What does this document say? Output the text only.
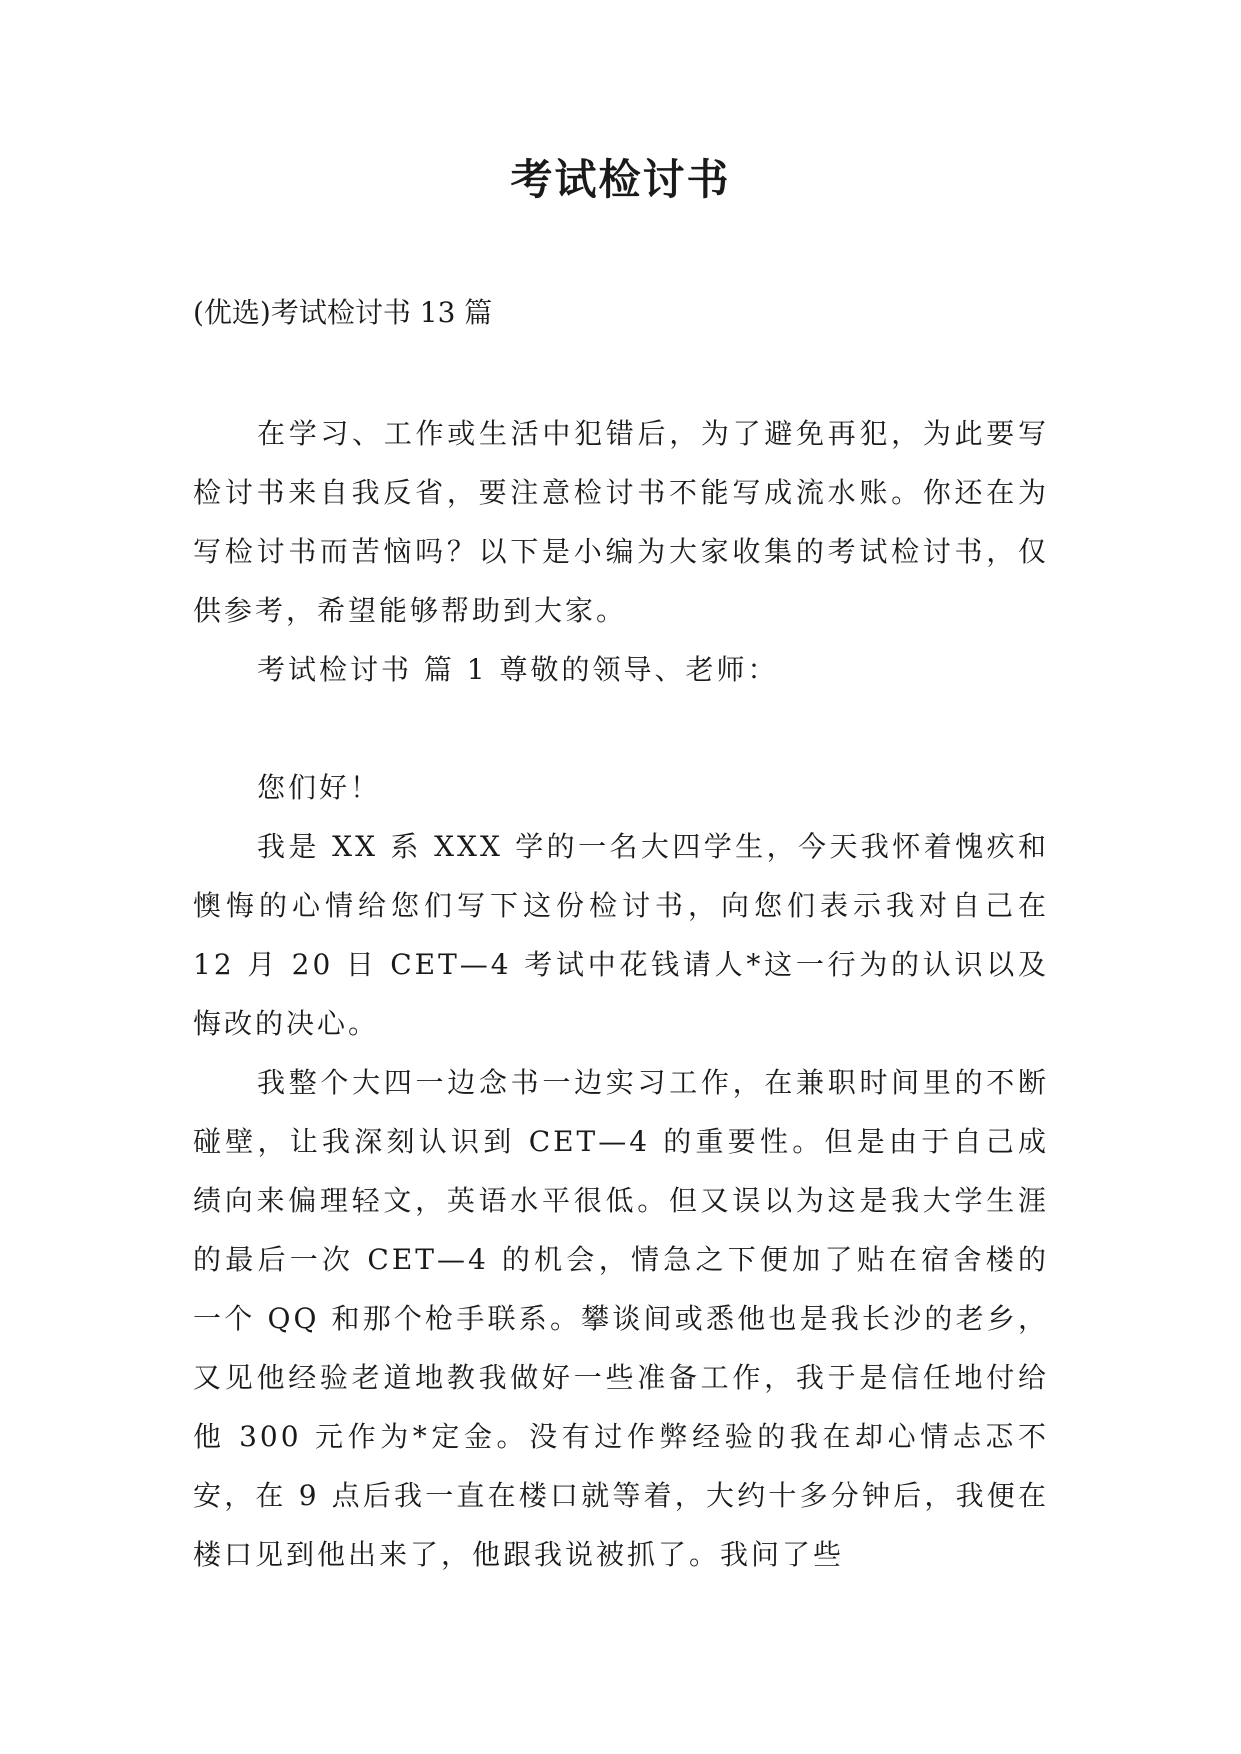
考试检讨书

(优选)考试检讨书 13 篇

在学习、工作或生活中犯错后，为了避免再犯，为此要写检讨书来自我反省，要注意检讨书不能写成流水账。你还在为写检讨书而苦恼吗？以下是小编为大家收集的考试检讨书，仅供参考，希望能够帮助到大家。

考试检讨书 篇 1 尊敬的领导、老师：

您们好！

我是 XX 系 XXX 学的一名大四学生，今天我怀着愧疚和懊悔的心情给您们写下这份检讨书，向您们表示我对自己在 12 月 20 日 CET—4 考试中花钱请人*这一行为的认识以及悔改的决心。

我整个大四一边念书一边实习工作，在兼职时间里的不断碰壁，让我深刻认识到 CET—4 的重要性。但是由于自己成绩向来偏理轻文，英语水平很低。但又误以为这是我大学生涯的最后一次 CET—4 的机会，情急之下便加了贴在宿舍楼的一个 QQ 和那个枪手联系。攀谈间或悉他也是我长沙的老乡，又见他经验老道地教我做好一些准备工作，我于是信任地付给他 300 元作为*定金。没有过作弊经验的我在却心情忐忑不安，在 9 点后我一直在楼口就等着，大约十多分钟后，我便在楼口见到他出来了，他跟我说被抓了。我问了些
